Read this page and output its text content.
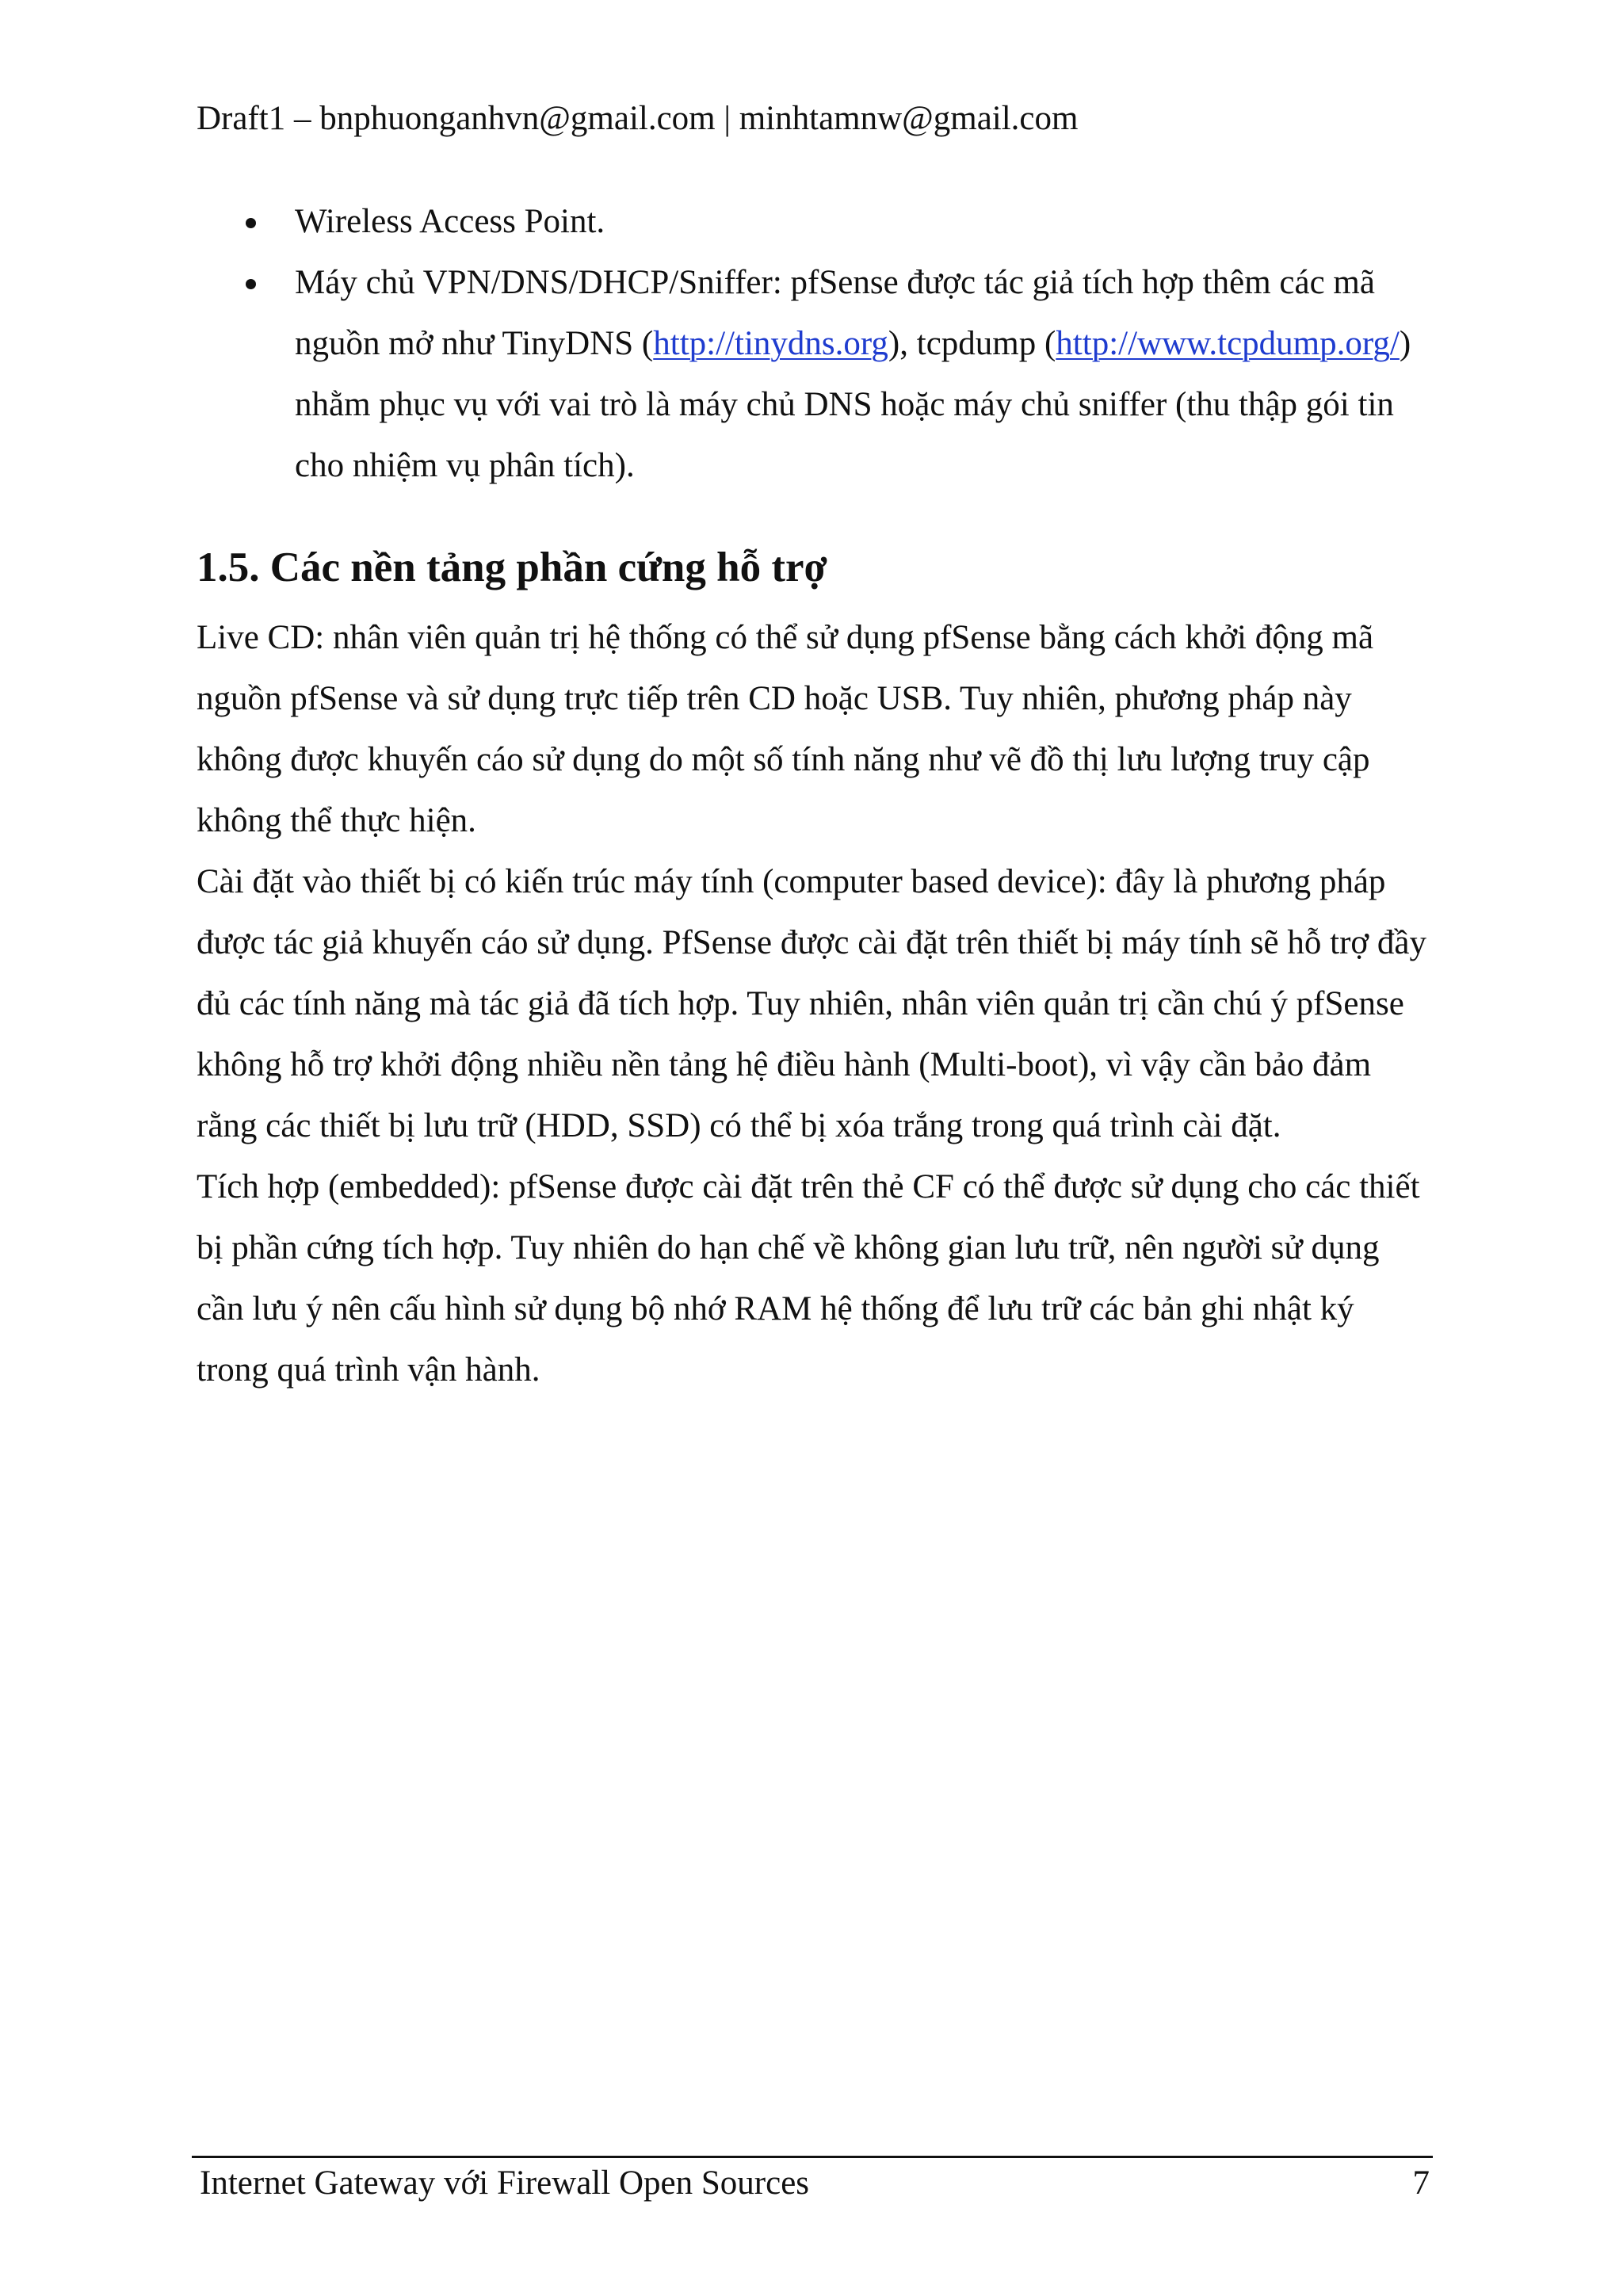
Draft1 – bnphuonganhvn@gmail.com | minhtamnw@gmail.com
Wireless Access Point.
Máy chủ VPN/DNS/DHCP/Sniffer: pfSense được tác giả tích hợp thêm các mã nguồn mở như TinyDNS (http://tinydns.org), tcpdump (http://www.tcpdump.org/) nhằm phục vụ với vai trò là máy chủ DNS hoặc máy chủ sniffer (thu thập gói tin cho nhiệm vụ phân tích).
1.5. Các nền tảng phần cứng hỗ trợ

Live CD: nhân viên quản trị hệ thống có thể sử dụng pfSense bằng cách khởi động mã nguồn pfSense và sử dụng trực tiếp trên CD hoặc USB. Tuy nhiên, phương pháp này không được khuyến cáo sử dụng do một số tính năng như vẽ đồ thị lưu lượng truy cập không thể thực hiện.

Cài đặt vào thiết bị có kiến trúc máy tính (computer based device): đây là phương pháp được tác giả khuyến cáo sử dụng. PfSense được cài đặt trên thiết bị máy tính sẽ hỗ trợ đầy đủ các tính năng mà tác giả đã tích hợp. Tuy nhiên, nhân viên quản trị cần chú ý pfSense không hỗ trợ khởi động nhiều nền tảng hệ điều hành (Multi-boot), vì vậy cần bảo đảm rằng các thiết bị lưu trữ (HDD, SSD) có thể bị xóa trắng trong quá trình cài đặt.

Tích hợp (embedded): pfSense được cài đặt trên thẻ CF có thể được sử dụng cho các thiết bị phần cứng tích hợp. Tuy nhiên do hạn chế về không gian lưu trữ, nên người sử dụng cần lưu ý nên cấu hình sử dụng bộ nhớ RAM hệ thống để lưu trữ các bản ghi nhật ký trong quá trình vận hành.

Internet Gateway với Firewall Open Sources	7
